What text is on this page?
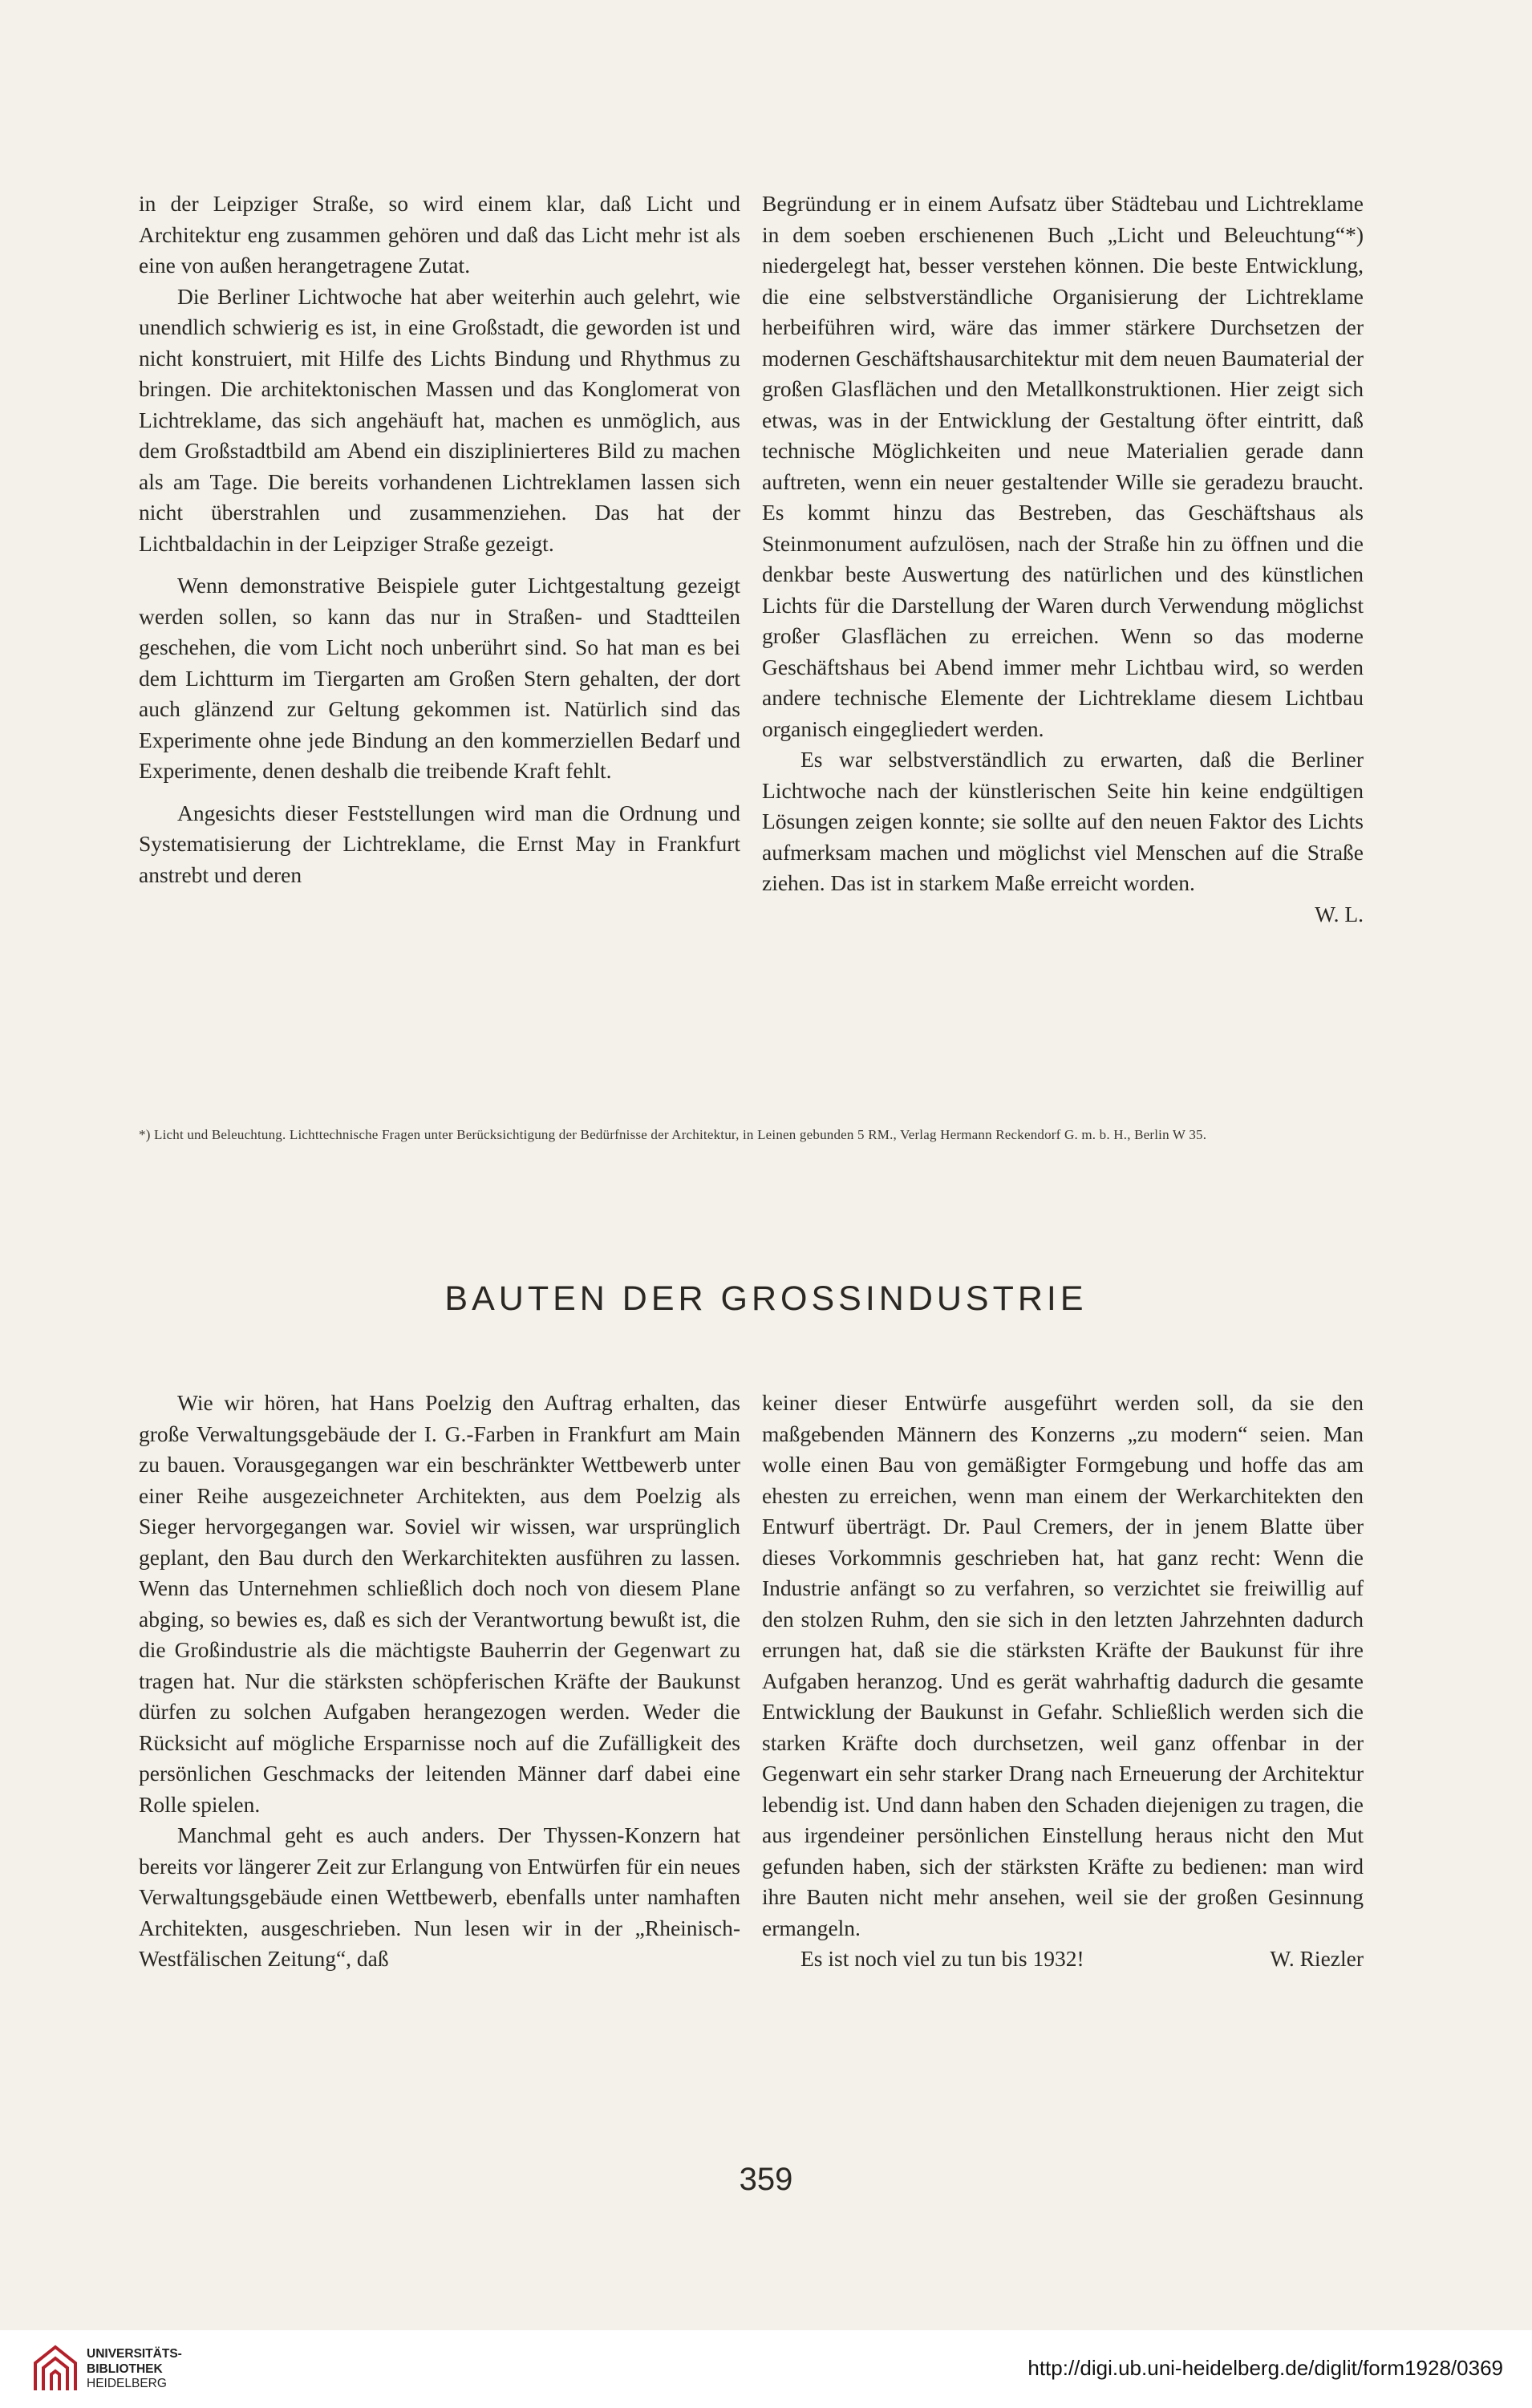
in der Leipziger Straße, so wird einem klar, daß Licht und Architektur eng zusammen gehören und daß das Licht mehr ist als eine von außen herangetragene Zutat.

Die Berliner Lichtwoche hat aber weiterhin auch gelehrt, wie unendlich schwierig es ist, in eine Großstadt, die geworden ist und nicht konstruiert, mit Hilfe des Lichts Bindung und Rhythmus zu bringen. Die architektonischen Massen und das Konglomerat von Lichtreklame, das sich angehäuft hat, machen es unmöglich, aus dem Großstadtbild am Abend ein disziplinierteres Bild zu machen als am Tage. Die bereits vorhandenen Lichtreklamen lassen sich nicht überstrahlen und zusammenziehen. Das hat der Lichtbaldachin in der Leipziger Straße gezeigt.

Wenn demonstrative Beispiele guter Lichtgestaltung gezeigt werden sollen, so kann das nur in Straßen- und Stadtteilen geschehen, die vom Licht noch unberührt sind. So hat man es bei dem Lichtturm im Tiergarten am Großen Stern gehalten, der dort auch glänzend zur Geltung gekommen ist. Natürlich sind das Experimente ohne jede Bindung an den kommerziellen Bedarf und Experimente, denen deshalb die treibende Kraft fehlt.

Angesichts dieser Feststellungen wird man die Ordnung und Systematisierung der Lichtreklame, die Ernst May in Frankfurt anstrebt und deren

Begründung er in einem Aufsatz über Städtebau und Lichtreklame in dem soeben erschienenen Buch „Licht und Beleuchtung“*) niedergelegt hat, besser verstehen können. Die beste Entwicklung, die eine selbstverständliche Organisierung der Lichtreklame herbeiführen wird, wäre das immer stärkere Durchsetzen der modernen Geschäftshausarchitektur mit dem neuen Baumaterial der großen Glasflächen und den Metallkonstruktionen. Hier zeigt sich etwas, was in der Entwicklung der Gestaltung öfter eintritt, daß technische Möglichkeiten und neue Materialien gerade dann auftreten, wenn ein neuer gestaltender Wille sie geradezu braucht. Es kommt hinzu das Bestreben, das Geschäftshaus als Steinmonument aufzulösen, nach der Straße hin zu öffnen und die denkbar beste Auswertung des natürlichen und des künstlichen Lichts für die Darstellung der Waren durch Verwendung möglichst großer Glasflächen zu erreichen. Wenn so das moderne Geschäftshaus bei Abend immer mehr Lichtbau wird, so werden andere technische Elemente der Lichtreklame diesem Lichtbau organisch eingegliedert werden.

Es war selbstverständlich zu erwarten, daß die Berliner Lichtwoche nach der künstlerischen Seite hin keine endgültigen Lösungen zeigen konnte; sie sollte auf den neuen Faktor des Lichts aufmerksam machen und möglichst viel Menschen auf die Straße ziehen. Das ist in starkem Maße erreicht worden.

W. L.

*) Licht und Beleuchtung. Lichttechnische Fragen unter Berücksichtigung der Bedürfnisse der Architektur, in Leinen gebunden 5 RM., Verlag Hermann Reckendorf G. m. b. H., Berlin W 35.
BAUTEN DER GROSSINDUSTRIE

Wie wir hören, hat Hans Poelzig den Auftrag erhalten, das große Verwaltungsgebäude der I. G.-Farben in Frankfurt am Main zu bauen. Vorausgegangen war ein beschränkter Wettbewerb unter einer Reihe ausgezeichneter Architekten, aus dem Poelzig als Sieger hervorgegangen war. Soviel wir wissen, war ursprünglich geplant, den Bau durch den Werkarchitekten ausführen zu lassen. Wenn das Unternehmen schließlich doch noch von diesem Plane abging, so bewies es, daß es sich der Verantwortung bewußt ist, die die Großindustrie als die mächtigste Bauherrin der Gegenwart zu tragen hat. Nur die stärksten schöpferischen Kräfte der Baukunst dürfen zu solchen Aufgaben herangezogen werden. Weder die Rücksicht auf mögliche Ersparnisse noch auf die Zufälligkeit des persönlichen Geschmacks der leitenden Männer darf dabei eine Rolle spielen.

Manchmal geht es auch anders. Der Thyssen-Konzern hat bereits vor längerer Zeit zur Erlangung von Entwürfen für ein neues Verwaltungsgebäude einen Wettbewerb, ebenfalls unter namhaften Architekten, ausgeschrieben. Nun lesen wir in der „Rheinisch-Westfälischen Zeitung“, daß

keiner dieser Entwürfe ausgeführt werden soll, da sie den maßgebenden Männern des Konzerns „zu modern“ seien. Man wolle einen Bau von gemäßigter Formgebung und hoffe das am ehesten zu erreichen, wenn man einem der Werkarchitekten den Entwurf überträgt. Dr. Paul Cremers, der in jenem Blatte über dieses Vorkommnis geschrieben hat, hat ganz recht: Wenn die Industrie anfängt so zu verfahren, so verzichtet sie freiwillig auf den stolzen Ruhm, den sie sich in den letzten Jahrzehnten dadurch errungen hat, daß sie die stärksten Kräfte der Baukunst für ihre Aufgaben heranzog. Und es gerät wahrhaftig dadurch die gesamte Entwicklung der Baukunst in Gefahr. Schließlich werden sich die starken Kräfte doch durchsetzen, weil ganz offenbar in der Gegenwart ein sehr starker Drang nach Erneuerung der Architektur lebendig ist. Und dann haben den Schaden diejenigen zu tragen, die aus irgendeiner persönlichen Einstellung heraus nicht den Mut gefunden haben, sich der stärksten Kräfte zu bedienen: man wird ihre Bauten nicht mehr ansehen, weil sie der großen Gesinnung ermangeln.

Es ist noch viel zu tun bis 1932!	W. Riezler
359
UNIVERSITÄTS-
BIBLIOTHEK
HEIDELBERG
http://digi.ub.uni-heidelberg.de/diglit/form1928/0369
